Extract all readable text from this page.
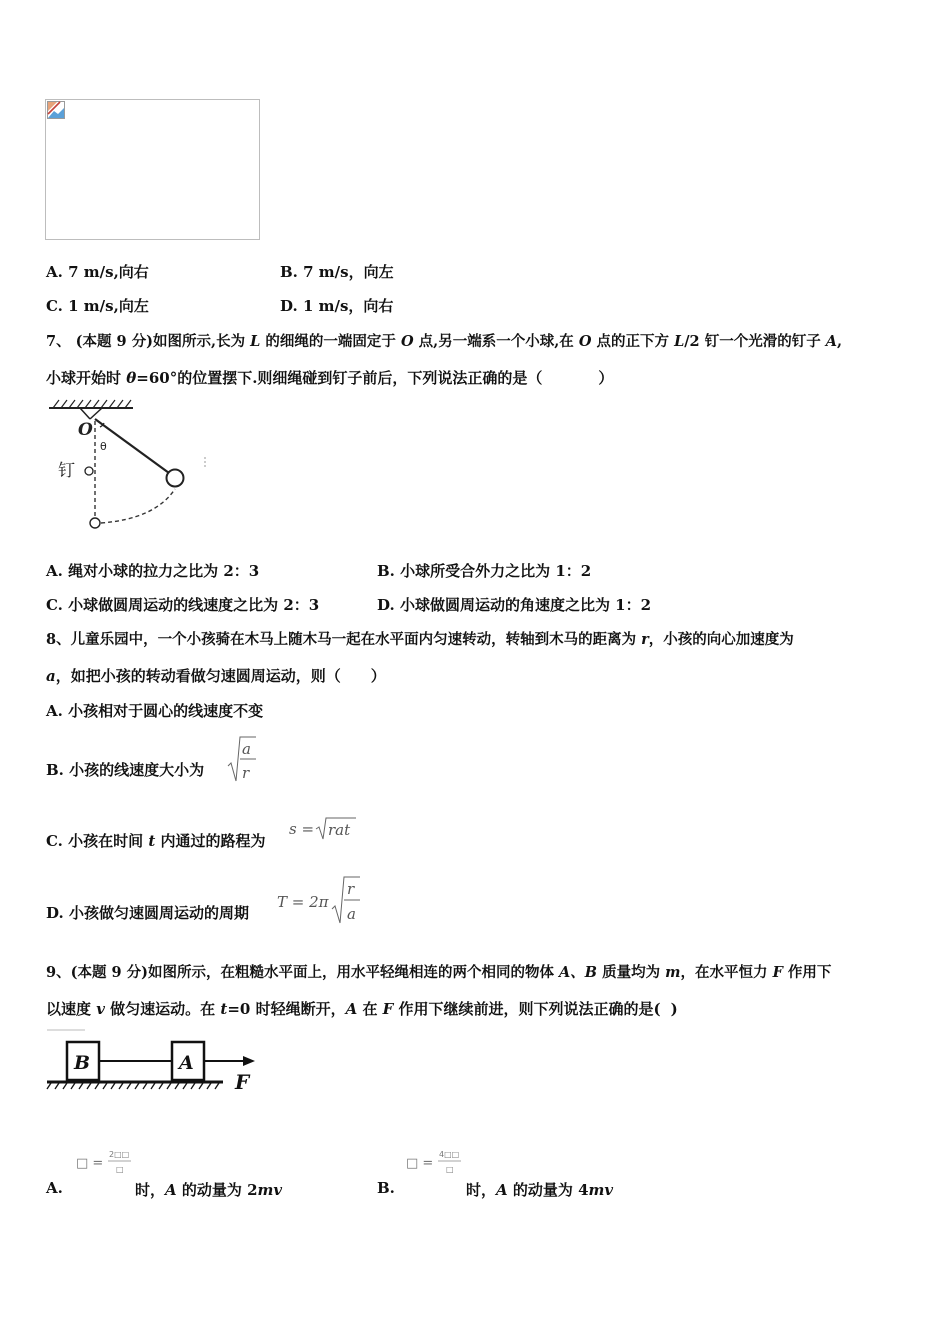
A. 7 m/s,向右	B. 7 m/s，向左
C. 1 m/s,向左	D. 1 m/s，向右
7、 (本题 9 分)如图所示,长为 L 的细绳的一端固定于 O 点,另一端系一个小球,在 O 点的正下方 L/2 钉一个光滑的钉子 A,
小球开始时 θ=60°的位置摆下.则细绳碰到钉子前后，下列说法正确的是（	）
O
θ
钉
A. 绳对小球的拉力之比为 2：3	B. 小球所受合外力之比为 1：2
C. 小球做圆周运动的线速度之比为 2：3	D. 小球做圆周运动的角速度之比为 1：2
8、儿童乐园中，一个小孩骑在木马上随木马一起在水平面内匀速转动，转轴到木马的距离为 r，小孩的向心加速度为
a，如把小孩的转动看做匀速圆周运动，则（ ）
A. 小孩相对于圆心的线速度不变
B. 小孩的线速度大小为
a
r
C. 小孩在时间 t 内通过的路程为
s = rat
D. 小孩做匀速圆周运动的周期
T = 2π
r
a
9、(本题 9 分)如图所示，在粗糙水平面上，用水平轻绳相连的两个相同的物体 A、B 质量均为 m，在水平恒力 F 作用下
以速度 v 做匀速运动。在 t=0 时轻绳断开，A 在 F 作用下继续前进，则下列说法正确的是( )
B	A
F
A.
□ =
2□□
□
时，A 的动量为 2mv	B.
□ =
4□□
□
时，A 的动量为 4mv
